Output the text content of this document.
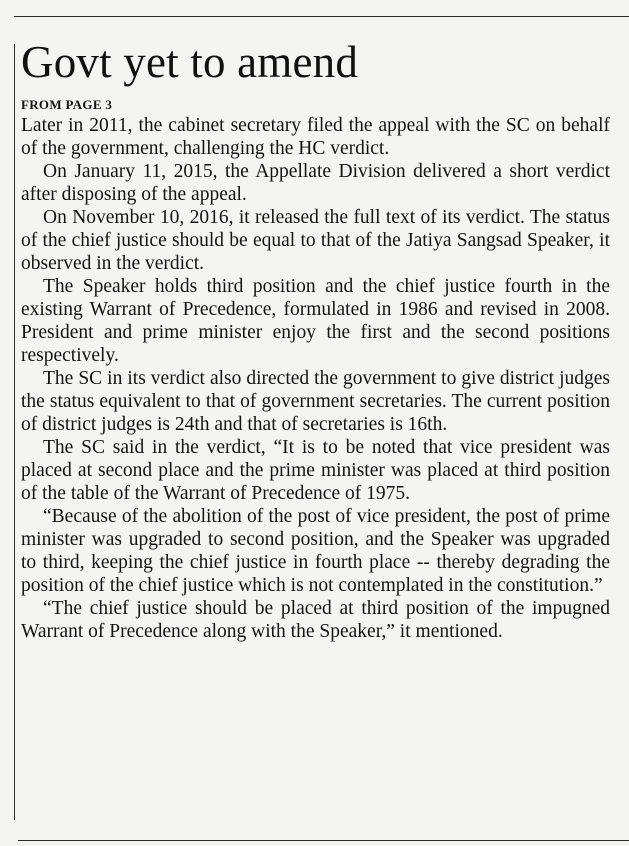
Govt yet to amend
FROM PAGE 3

Later in 2011, the cabinet secretary filed the appeal with the SC on behalf of the government, challenging the HC verdict.

On January 11, 2015, the Appellate Division delivered a short verdict after disposing of the appeal.

On November 10, 2016, it released the full text of its verdict. The status of the chief justice should be equal to that of the Jatiya Sangsad Speaker, it observed in the verdict.

The Speaker holds third position and the chief justice fourth in the existing Warrant of Precedence, formulated in 1986 and revised in 2008. President and prime minister enjoy the first and the second positions respectively.

The SC in its verdict also directed the government to give district judges the status equivalent to that of government secretaries. The current position of district judges is 24th and that of secretaries is 16th.

The SC said in the verdict, “It is to be noted that vice president was placed at second place and the prime minister was placed at third position of the table of the Warrant of Precedence of 1975.

“Because of the abolition of the post of vice president, the post of prime minister was upgraded to second position, and the Speaker was upgraded to third, keeping the chief justice in fourth place -- thereby degrading the position of the chief justice which is not contemplated in the constitution.”

“The chief justice should be placed at third position of the impugned Warrant of Precedence along with the Speaker,” it mentioned.
